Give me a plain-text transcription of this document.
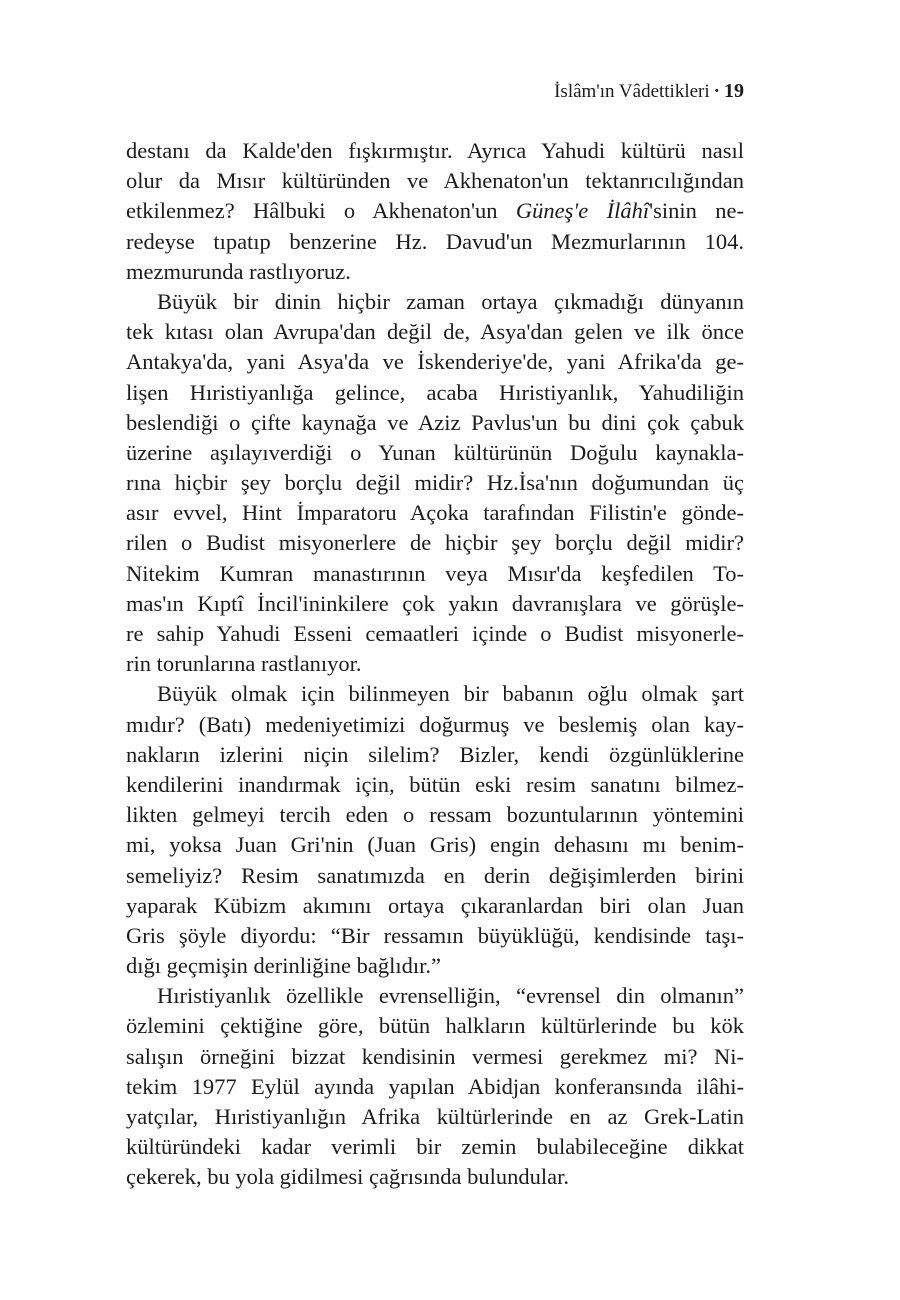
İslâm'ın Vâdettikleri · 19
destanı da Kalde'den fışkırmıştır. Ayrıca Yahudi kültürü nasıl
olur da Mısır kültüründen ve Akhenaton'un tektanrıcılığından
etkilenmez? Hâlbuki o Akhenaton'un Güneş'e İlâhî'sinin ne-
redeyse tıpatıp benzerine Hz. Davud'un Mezmurlarının 104.
mezmurunda rastlıyoruz.
Büyük bir dinin hiçbir zaman ortaya çıkmadığı dünyanın
tek kıtası olan Avrupa'dan değil de, Asya'dan gelen ve ilk önce
Antakya'da, yani Asya'da ve İskenderiye'de, yani Afrika'da ge-
lişen Hıristiyanlığa gelince, acaba Hıristiyanlık, Yahudiliğin
beslendiği o çifte kaynağa ve Aziz Pavlus'un bu dini çok çabuk
üzerine aşılayıverdiği o Yunan kültürünün Doğulu kaynakla-
rına hiçbir şey borçlu değil midir? Hz.İsa'nın doğumundan üç
asır evvel, Hint İmparatoru Açoka tarafından Filistin'e gönde-
rilen o Budist misyonerlere de hiçbir şey borçlu değil midir?
Nitekim Kumran manastırının veya Mısır'da keşfedilen To-
mas'ın Kıptî İncil'ininkilere çok yakın davranışlara ve görüşle-
re sahip Yahudi Esseni cemaatleri içinde o Budist misyonerle-
rin torunlarına rastlanıyor.
Büyük olmak için bilinmeyen bir babanın oğlu olmak şart
mıdır? (Batı) medeniyetimizi doğurmuş ve beslemiş olan kay-
nakların izlerini niçin silelim? Bizler, kendi özgünlüklerine
kendilerini inandırmak için, bütün eski resim sanatını bilmez-
likten gelmeyi tercih eden o ressam bozuntularının yöntemini
mi, yoksa Juan Gri'nin (Juan Gris) engin dehasını mı benim-
semeliyiz? Resim sanatımızda en derin değişimlerden birini
yaparak Kübizm akımını ortaya çıkaranlardan biri olan Juan
Gris şöyle diyordu: “Bir ressamın büyüklüğü, kendisinde taşı-
dığı geçmişin derinliğine bağlıdır.”
Hıristiyanlık özellikle evrenselliğin, “evrensel din olmanın”
özlemini çektiğine göre, bütün halkların kültürlerinde bu kök
salışın örneğini bizzat kendisinin vermesi gerekmez mi? Ni-
tekim 1977 Eylül ayında yapılan Abidjan konferansında ilâhi-
yatçılar, Hıristiyanlığın Afrika kültürlerinde en az Grek-Latin
kültüründeki kadar verimli bir zemin bulabileceğine dikkat
çekerek, bu yola gidilmesi çağrısında bulundular.
